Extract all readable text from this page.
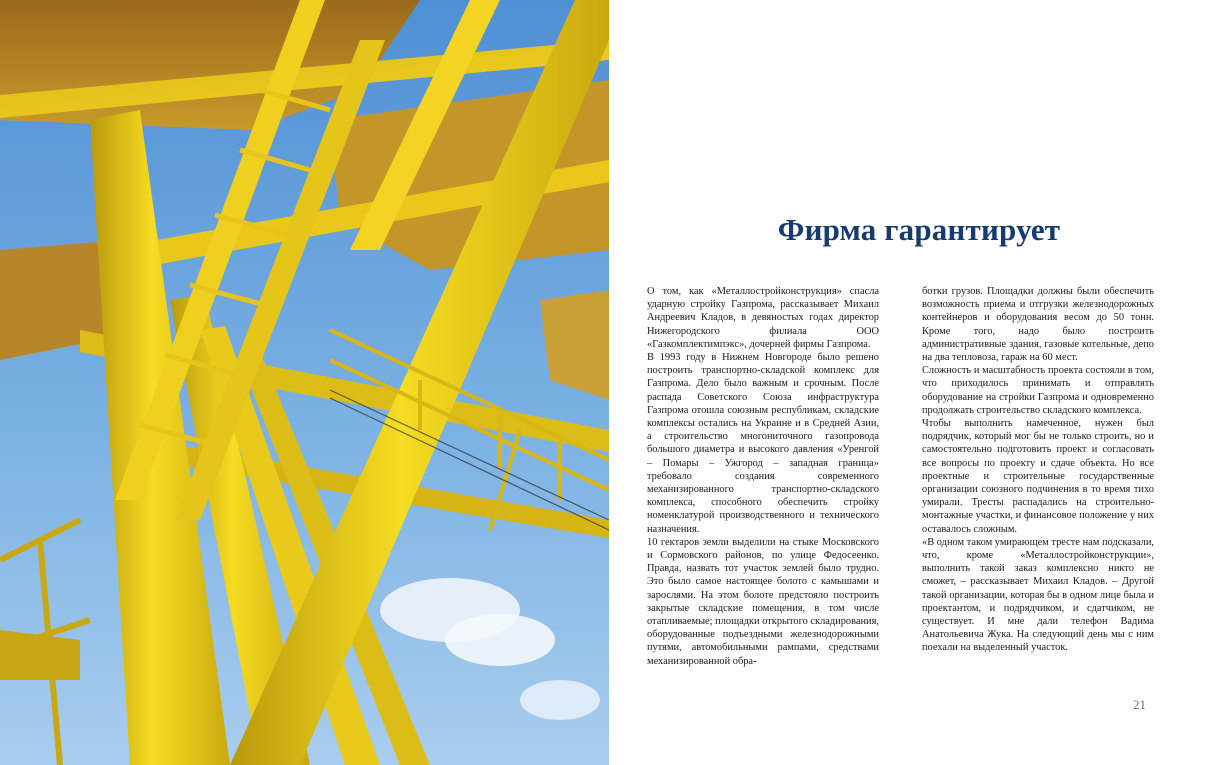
Фирма гарантирует

О том, как «Металлостройконструкция» спасла ударную стройку Газпрома, рассказывает Михаил Андреевич Кладов, в девяностых годах директор Нижегородского филиала ООО «Газкомплектимпэкс», дочерней фирмы Газпрома.

В 1993 году в Нижнем Новгороде было решено построить транспортно-складской комплекс для Газпрома. Дело было важным и срочным. После распада Советского Союза инфраструктура Газпрома отошла союзным республикам, складские комплексы остались на Украине и в Средней Азии, а строительство многониточного газопровода большого диаметра и высокого давления «Уренгой – Помары – Ужгород – западная граница» требовало создания современного механизированного транспортно-складского комплекса, способного обеспечить стройку номенклатурой производственного и технического назначения.

10 гектаров земли выделили на стыке Московского и Сормовского районов, по улице Федосеенко. Правда, назвать тот участок землей было трудно. Это было самое настоящее болото с камышами и зарослями. На этом болоте предстояло построить закрытые складские помещения, в том числе отапливаемые; площадки открытого складирования, оборудованные подъездными железнодорожными путями, автомобильными рампами, средствами механизированной обра-

ботки грузов. Площадки должны были обеспечить возможность приема и отгрузки железнодорожных контейнеров и оборудования весом до 50 тонн. Кроме того, надо было построить административные здания, газовые котельные, депо на два тепловоза, гараж на 60 мест.

Сложность и масштабность проекта состояли в том, что приходилось принимать и отправлять оборудование на стройки Газпрома и одновременно продолжать строительство складского комплекса.

Чтобы выполнить намеченное, нужен был подрядчик, который мог бы не только строить, но и самостоятельно подготовить проект и согласовать все вопросы по проекту и сдаче объекта. Но все проектные и строительные государственные организации союзного подчинения в то время тихо умирали. Тресты распадались на строительно-монтажные участки, и финансовое положение у них оставалось сложным.

«В одном таком умирающем тресте нам подсказали, что, кроме «Металлостройконструкции», выполнить такой заказ комплексно никто не сможет, – рассказывает Михаил Кладов. – Другой такой организации, которая бы в одном лице была и проектантом, и подрядчиком, и сдатчиком, не существует. И мне дали телефон Вадима Анатольевича Жука. На следующий день мы с ним поехали на выделенный участок.

21
